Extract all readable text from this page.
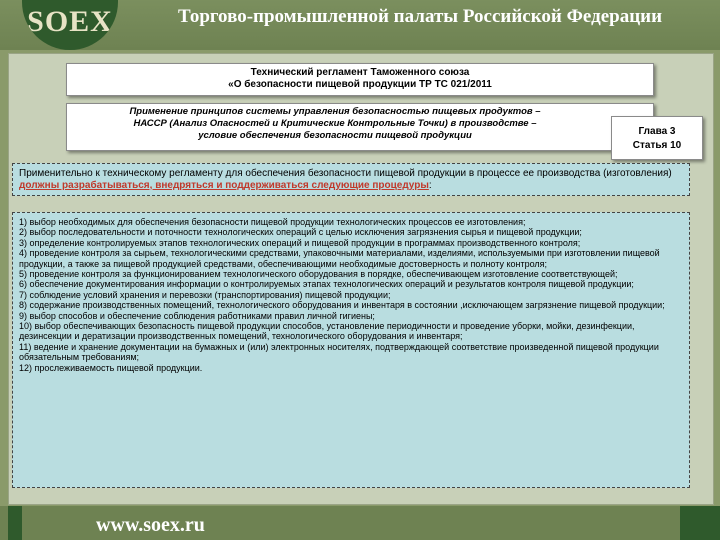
SOEX	Торгово-промышленной палаты Российской Федерации
Технический регламент Таможенного союза
«О безопасности пищевой продукции ТР ТС 021/2011
Применение принципов системы управления безопасностью пищевых продуктов –
НАССР (Анализ Опасностей и Критические Контрольные Точки) в производстве –
условие обеспечения безопасности пищевой продукции	Глава 3
Статья 10
Применительно к техническому регламенту для обеспечения безопасности пищевой продукции в процессе ее производства (изготовления) должны разрабатываться, внедряться и поддерживаться следующие процедуры:

1) выбор необходимых для обеспечения безопасности пищевой продукции технологических процессов ее изготовления;

2) выбор последовательности и поточности технологических операций с целью исключения загрязнения сырья и пищевой продукции;

3) определение контролируемых этапов технологических операций и пищевой продукции в программах производственного контроля;

4) проведение контроля за сырьем, технологическими средствами, упаковочными материалами, изделиями, используемыми при изготовлении пищевой продукции, а также за пищевой продукцией средствами, обеспечивающими необходимые достоверность и полноту контроля;

5) проведение контроля за функционированием технологического оборудования в порядке, обеспечивающем изготовление соответствующей;

6) обеспечение документирования информации о контролируемых этапах технологических операций и результатов контроля пищевой продукции;

7) соблюдение условий хранения и перевозки (транспортирования) пищевой продукции;

8) содержание производственных помещений, технологического оборудования и инвентаря в состоянии ,исключающем загрязнение пищевой продукции;

9) выбор способов и обеспечение соблюдения работниками правил личной гигиены;

10) выбор обеспечивающих безопасность пищевой продукции способов, установление периодичности и проведение уборки, мойки, дезинфекции, дезинсекции и дератизации производственных помещений, технологического оборудования и инвентаря;

11) ведение и хранение документации на бумажных и (или) электронных носителях, подтверждающей соответствие произведенной пищевой продукции обязательным требованиям;

12) прослеживаемость пищевой продукции.

www.soex.ru
